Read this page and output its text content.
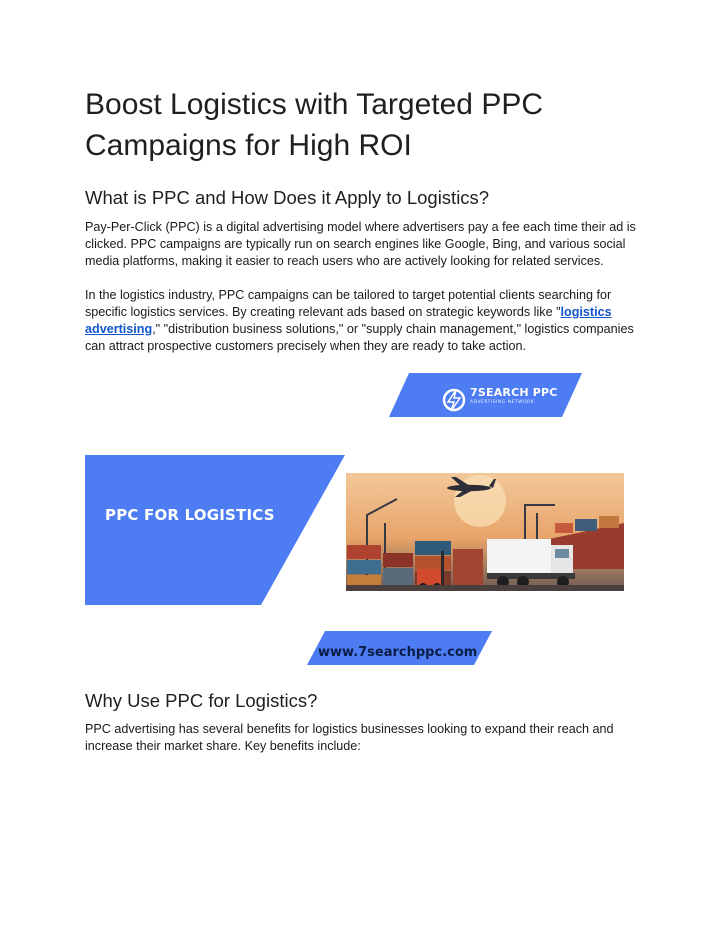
Boost Logistics with Targeted PPC Campaigns for High ROI
What is PPC and How Does it Apply to Logistics?

Pay-Per-Click (PPC) is a digital advertising model where advertisers pay a fee each time their ad is clicked. PPC campaigns are typically run on search engines like Google, Bing, and various social media platforms, making it easier to reach users who are actively looking for related services.

In the logistics industry, PPC campaigns can be tailored to target potential clients searching for specific logistics services. By creating relevant ads based on strategic keywords like "logistics advertising," "distribution business solutions," or "supply chain management," logistics companies can attract prospective customers precisely when they are ready to take action.

7SEARCH PPC
ADVERTISING NETWORK
PPC FOR LOGISTICS
www.7searchppc.com
Why Use PPC for Logistics?

PPC advertising has several benefits for logistics businesses looking to expand their reach and increase their market share. Key benefits include:
